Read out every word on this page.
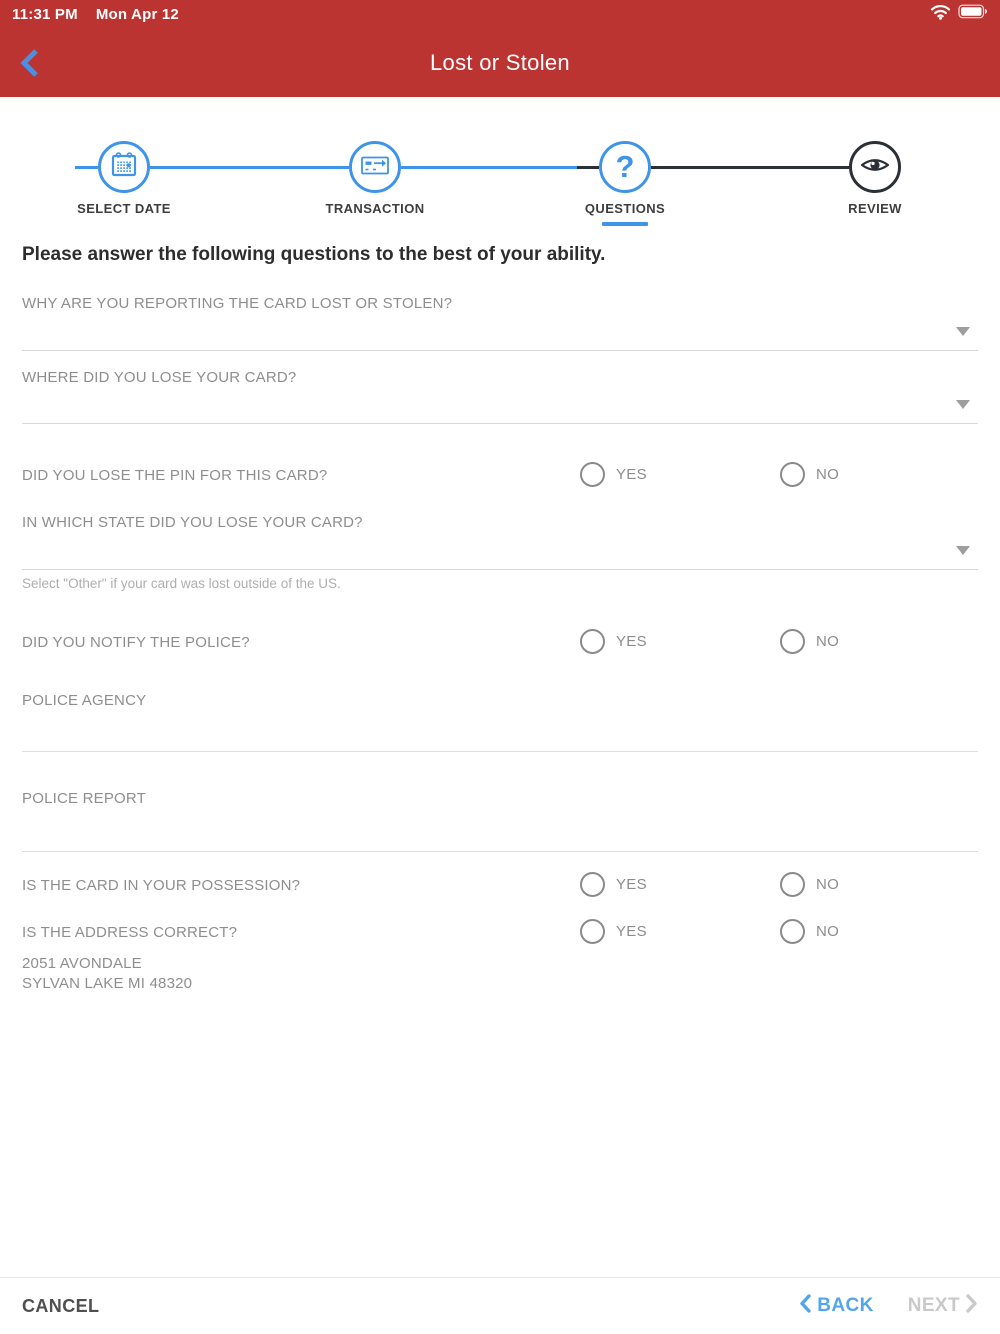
11:31 PM Mon Apr 12
Lost or Stolen
?
SELECT DATE	TRANSACTION	QUESTIONS	REVIEW
Please answer the following questions to the best of your ability.
WHY ARE YOU REPORTING THE CARD LOST OR STOLEN?
WHERE DID YOU LOSE YOUR CARD?
DID YOU LOSE THE PIN FOR THIS CARD?	YES	NO
IN WHICH STATE DID YOU LOSE YOUR CARD?
Select "Other" if your card was lost outside of the US.
DID YOU NOTIFY THE POLICE?	YES	NO
POLICE AGENCY
POLICE REPORT
IS THE CARD IN YOUR POSSESSION?	YES	NO
IS THE ADDRESS CORRECT?	YES	NO
2051 AVONDALE
SYLVAN LAKE MI 48320
CANCEL	BACK NEXT
